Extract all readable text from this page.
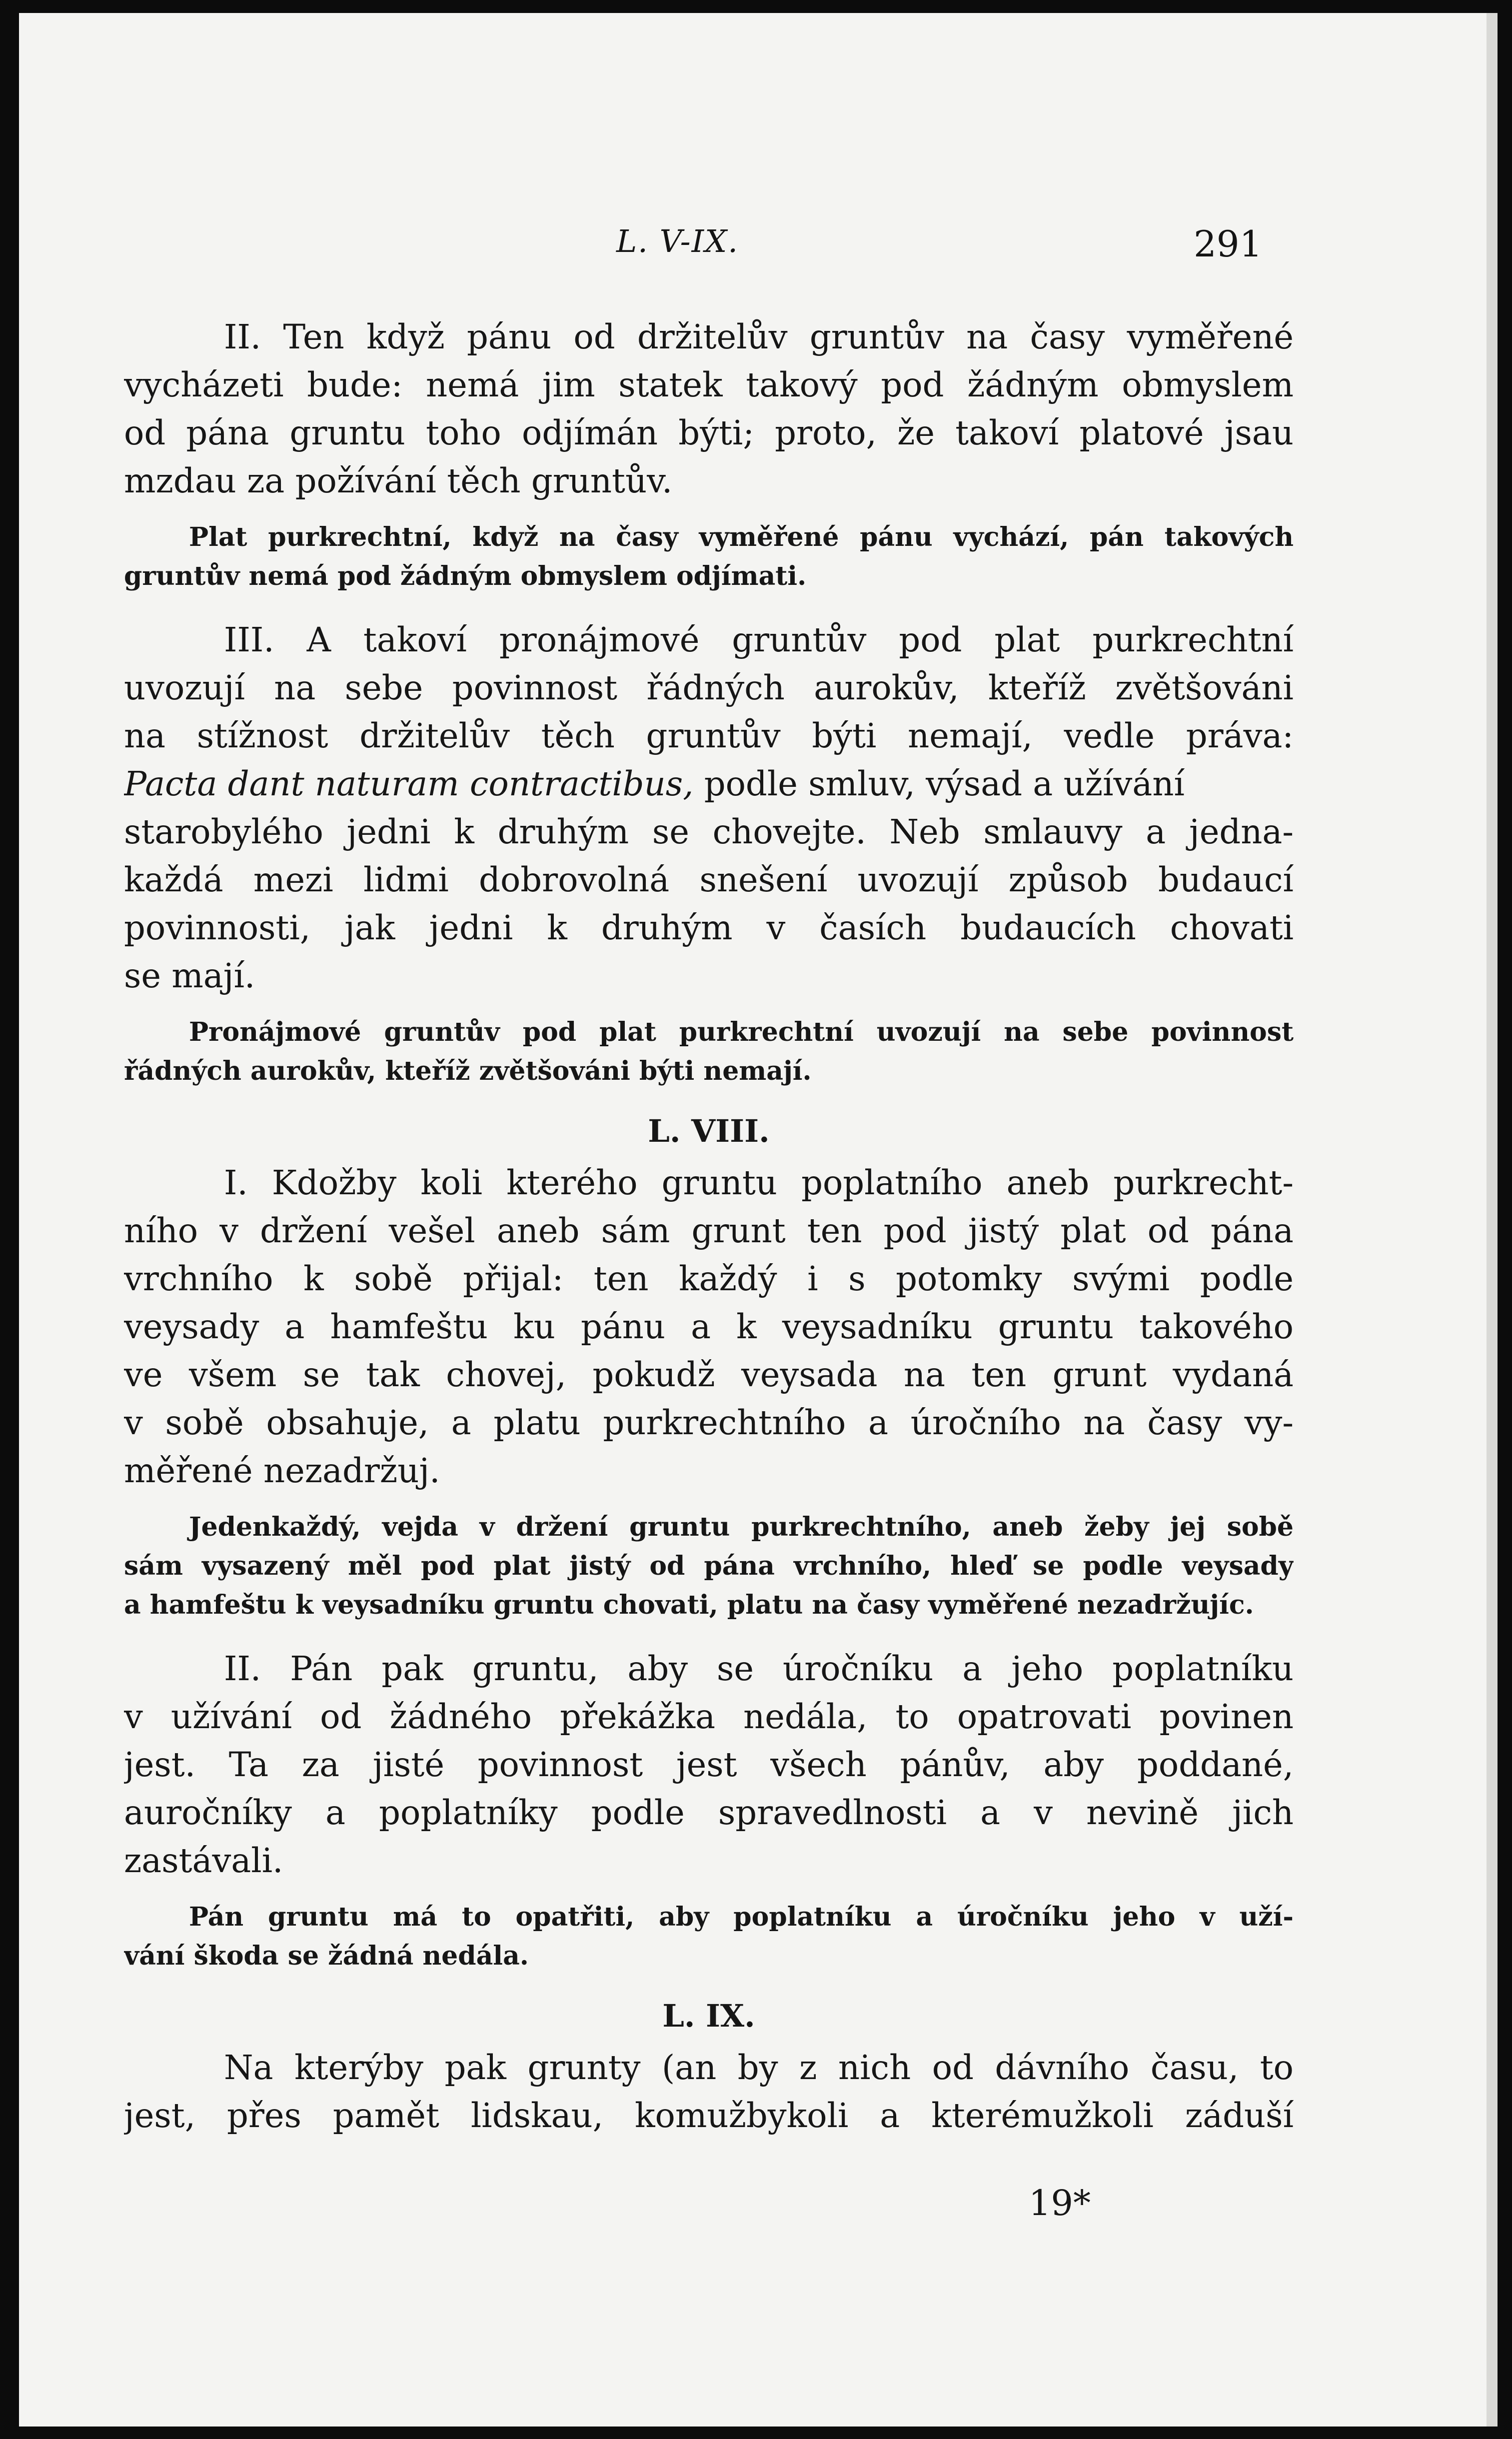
L. V-IX.	291
II. Ten když pánu od držitelův gruntův na časy vyměřené
vycházeti bude: nemá jim statek takový pod žádným obmyslem
od pána gruntu toho odjímán býti; proto, že takoví platové jsau
mzdau za požívání těch gruntův.
Plat purkrechtní, když na časy vyměřené pánu vychází, pán takových
gruntův nemá pod žádným obmyslem odjímati.
III. A takoví pronájmové gruntův pod plat purkrechtní
uvozují na sebe povinnost řádných aurokův, kteříž zvětšováni
na stížnost držitelův těch gruntův býti nemají, vedle práva:
Pacta dant naturam contractibus, podle smluv, výsad a užívání
starobylého jedni k druhým se chovejte. Neb smlauvy a jedna-
každá mezi lidmi dobrovolná snešení uvozují způsob budaucí
povinnosti, jak jedni k druhým v časích budaucích chovati
se mají.
Pronájmové gruntův pod plat purkrechtní uvozují na sebe povinnost
řádných aurokův, kteříž zvětšováni býti nemají.
L. VIII.
I. Kdožby koli kterého gruntu poplatního aneb purkrecht-
ního v držení vešel aneb sám grunt ten pod jistý plat od pána
vrchního k sobě přijal: ten každý i s potomky svými podle
veysady a hamfeštu ku pánu a k veysadníku gruntu takového
ve všem se tak chovej, pokudž veysada na ten grunt vydaná
v sobě obsahuje, a platu purkrechtního a úročního na časy vy-
měřené nezadržuj.
Jedenkaždý, vejda v držení gruntu purkrechtního, aneb žeby jej sobě
sám vysazený měl pod plat jistý od pána vrchního, hleď se podle veysady
a hamfeštu k veysadníku gruntu chovati, platu na časy vyměřené nezadržujíc.
II. Pán pak gruntu, aby se úročníku a jeho poplatníku
v užívání od žádného překážka nedála, to opatrovati povinen
jest. Ta za jisté povinnost jest všech pánův, aby poddané,
auročníky a poplatníky podle spravedlnosti a v nevině jich
zastávali.
Pán gruntu má to opatřiti, aby poplatníku a úročníku jeho v uží-
vání škoda se žádná nedála.
L. IX.
Na kterýby pak grunty (an by z nich od dávního času, to
jest, přes pamět lidskau, komužbykoli a kterémužkoli záduší
19*
